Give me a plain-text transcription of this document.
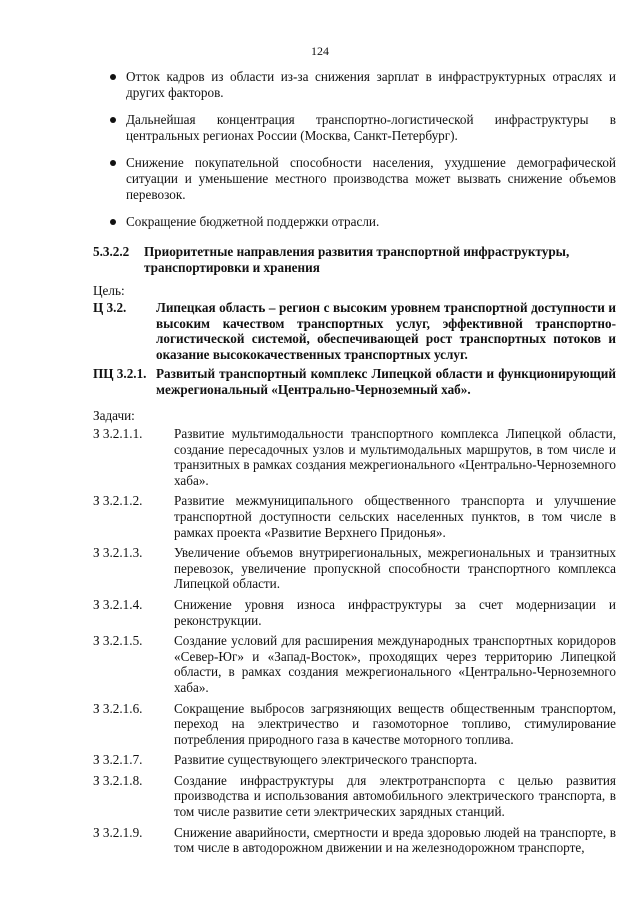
124
Отток кадров из области из-за снижения зарплат в инфраструктурных отраслях и других факторов.
Дальнейшая концентрация транспортно-логистической инфраструктуры в центральных регионах России (Москва, Санкт-Петербург).
Снижение покупательной способности населения, ухудшение демографической ситуации и уменьшение местного производства может вызвать снижение объемов перевозок.
Сокращение бюджетной поддержки отрасли.
5.3.2.2 Приоритетные направления развития транспортной инфраструктуры, транспортировки и хранения
Цель:
Ц 3.2. Липецкая область – регион с высоким уровнем транспортной доступности и высоким качеством транспортных услуг, эффективной транспортно-логистической системой, обеспечивающей рост транспортных потоков и оказание высококачественных транспортных услуг.
ПЦ 3.2.1. Развитый транспортный комплекс Липецкой области и функционирующий межрегиональный «Центрально-Черноземный хаб».
Задачи:
З 3.2.1.1. Развитие мультимодальности транспортного комплекса Липецкой области, создание пересадочных узлов и мультимодальных маршрутов, в том числе и транзитных в рамках создания межрегионального «Центрально-Черноземного хаба».
З 3.2.1.2. Развитие межмуниципального общественного транспорта и улучшение транспортной доступности сельских населенных пунктов, в том числе в рамках проекта «Развитие Верхнего Придонья».
З 3.2.1.3. Увеличение объемов внутрирегиональных, межрегиональных и транзитных перевозок, увеличение пропускной способности транспортного комплекса Липецкой области.
З 3.2.1.4. Снижение уровня износа инфраструктуры за счет модернизации и реконструкции.
З 3.2.1.5. Создание условий для расширения международных транспортных коридоров «Север-Юг» и «Запад-Восток», проходящих через территорию Липецкой области, в рамках создания межрегионального «Центрально-Черноземного хаба».
З 3.2.1.6. Сокращение выбросов загрязняющих веществ общественным транспортом, переход на электричество и газомоторное топливо, стимулирование потребления природного газа в качестве моторного топлива.
З 3.2.1.7. Развитие существующего электрического транспорта.
З 3.2.1.8. Создание инфраструктуры для электротранспорта с целью развития производства и использования автомобильного электрического транспорта, в том числе развитие сети электрических зарядных станций.
З 3.2.1.9. Снижение аварийности, смертности и вреда здоровью людей на транспорте, в том числе в автодорожном движении и на железнодорожном транспорте,
